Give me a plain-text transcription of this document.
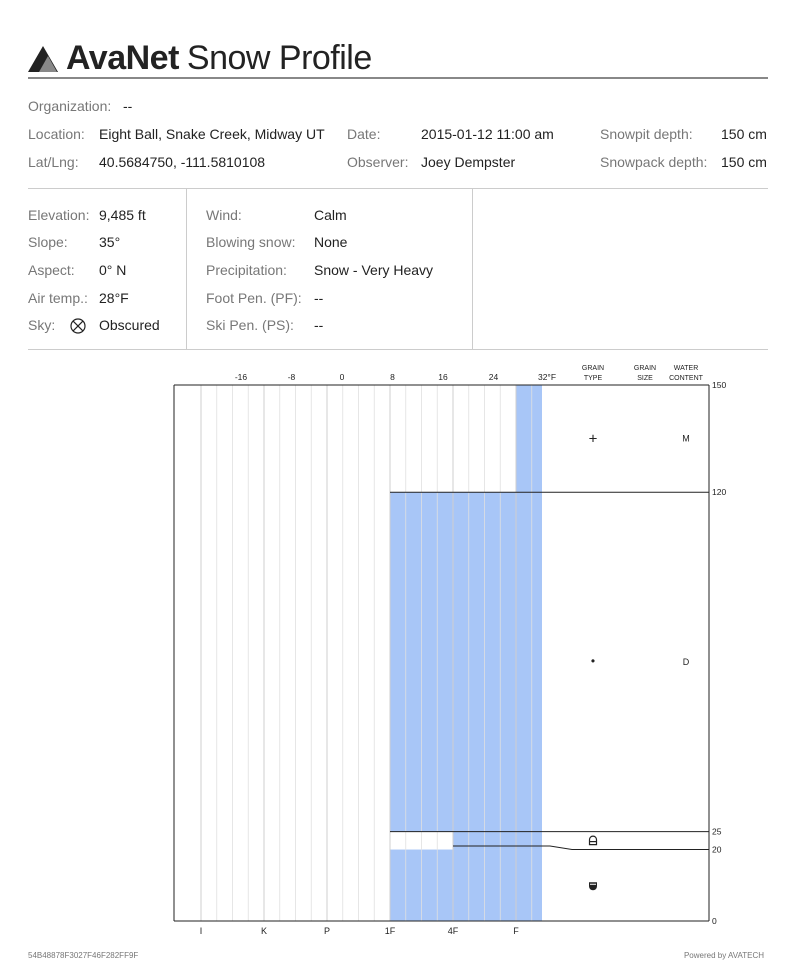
AvaNet Snow Profile
Organization: --
Location: Eight Ball, Snake Creek, Midway UT Date:	2015-01-12 11:00 am	Snowpit depth: 150 cm
Lat/Lng: 40.5684750, -111.5810108	Observer: Joey Dempster	Snowpack depth: 150 cm
Elevation: 9,485 ft
Slope: 35°
Aspect: 0° N
Air temp.: 28°F
Sky:	Obscured
Wind:	Calm
Blowing snow: None
Precipitation: Snow - Very Heavy
Foot Pen. (PF): --
Ski Pen. (PS): --
-16	-8	0	8	16	24	32°F
GRAIN
TYPE
GRAIN
SIZE
WATER
CONTENT
I	K	P	1F	4F	F
150
120
25
20
0
+	M
•	D
54B48878F3027F46F282FF9F	Powered by AVATECH
